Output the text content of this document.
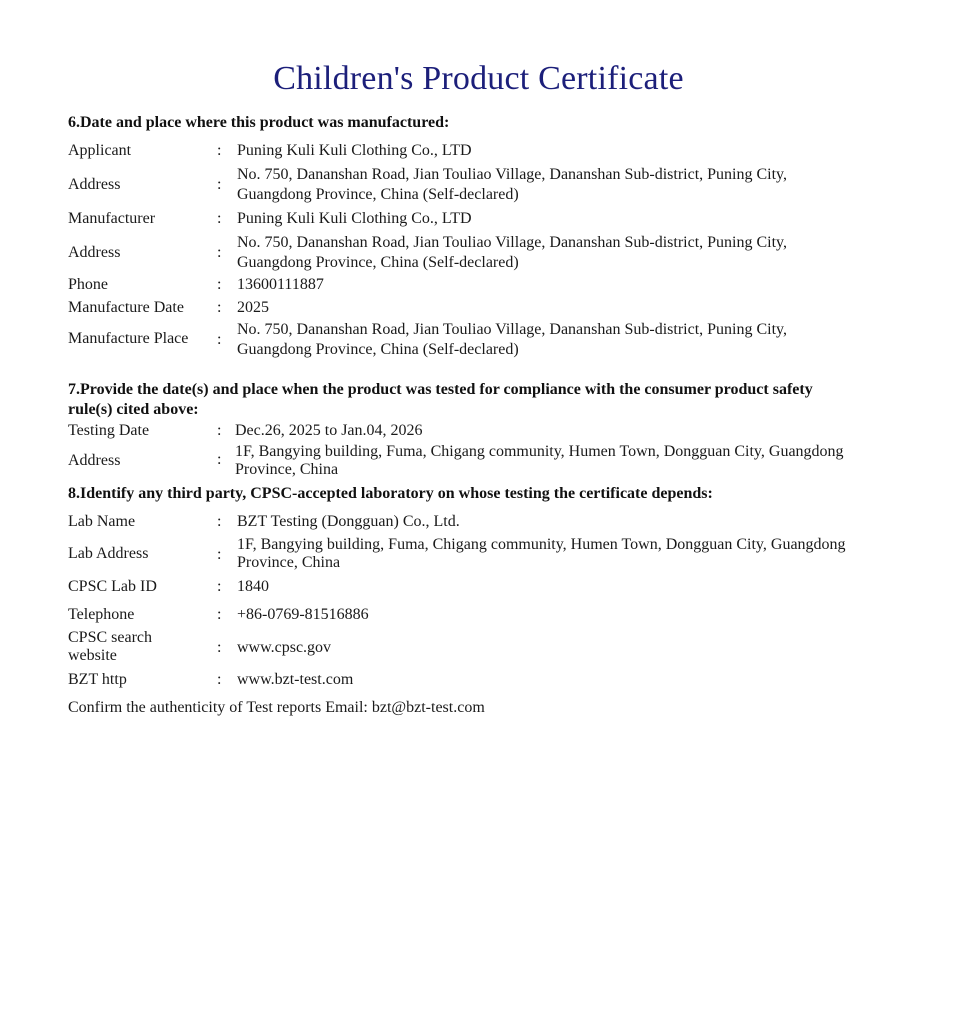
Children's Product Certificate
6.Date and place where this product was manufactured:
Applicant	: Puning Kuli Kuli Clothing Co., LTD
Address	:
No. 750, Dananshan Road, Jian Touliao Village, Dananshan Sub-district, Puning City,
Guangdong Province, China (Self-declared)
Manufacturer	: Puning Kuli Kuli Clothing Co., LTD
Address	:
No. 750, Dananshan Road, Jian Touliao Village, Dananshan Sub-district, Puning City,
Guangdong Province, China (Self-declared)
Phone	: 13600111887
Manufacture Date	: 2025
Manufacture Place	:
No. 750, Dananshan Road, Jian Touliao Village, Dananshan Sub-district, Puning City,
Guangdong Province, China (Self-declared)
7.Provide the date(s) and place when the product was tested for compliance with the consumer product safety
rule(s) cited above:
Testing Date	: Dec.26, 2025 to Jan.04, 2026
Address	: 1F, Bangying building, Fuma, Chigang community, Humen Town, Dongguan City, Guangdong
Province, China
8.Identify any third party, CPSC-accepted laboratory on whose testing the certificate depends:
Lab Name	: BZT Testing (Dongguan) Co., Ltd.
Lab Address	:
1F, Bangying building, Fuma, Chigang community, Humen Town, Dongguan City, Guangdong
Province, China
CPSC Lab ID	: 1840
Telephone	: +86-0769-81516886
CPSC search
website	: www.cpsc.gov
BZT http	: www.bzt-test.com
Confirm the authenticity of Test reports Email: bzt@bzt-test.com
